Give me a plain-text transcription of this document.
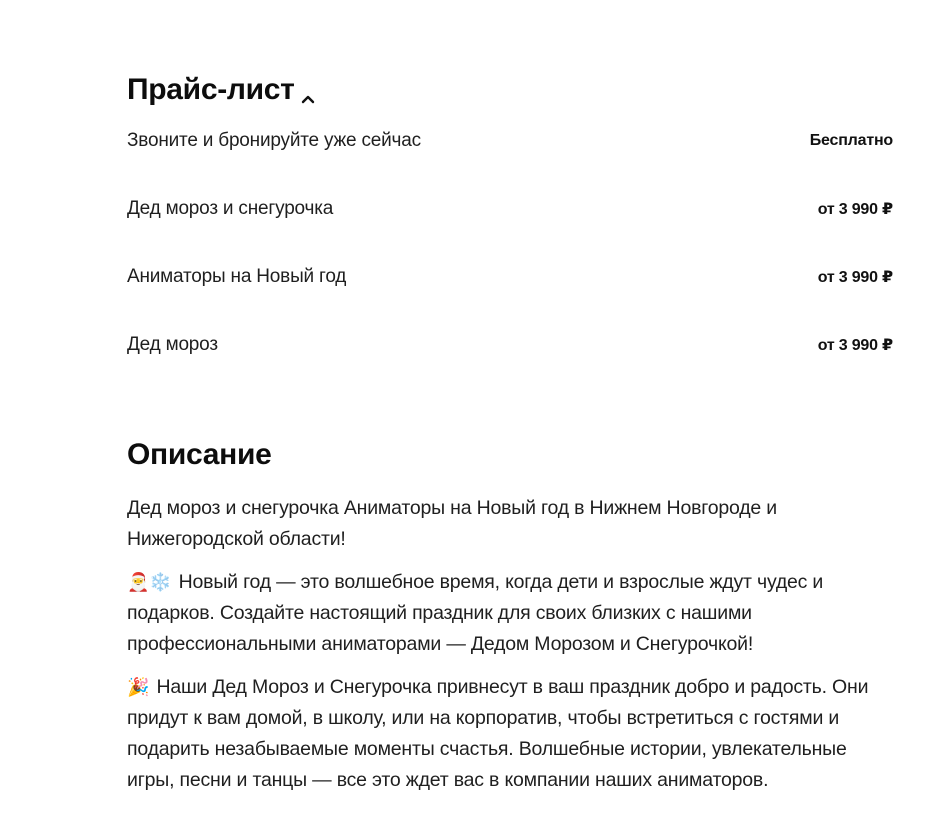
Прайс-лист
Звоните и бронируйте уже сейчас	Бесплатно
Дед мороз и снегурочка	от 3 990 ₽
Аниматоры на Новый год	от 3 990 ₽
Дед мороз	от 3 990 ₽
Описание

Дед мороз и снегурочка Аниматоры на Новый год в Нижнем Новгороде и Нижегородской области!

🎅❄️ Новый год — это волшебное время, когда дети и взрослые ждут чудес и подарков. Создайте настоящий праздник для своих близких с нашими профессиональными аниматорами — Дедом Морозом и Снегурочкой!

🎉 Наши Дед Мороз и Снегурочка привнесут в ваш праздник добро и радость. Они придут к вам домой, в школу, или на корпоратив, чтобы встретиться с гостями и подарить незабываемые моменты счастья. Волшебные истории, увлекательные игры, песни и танцы — все это ждет вас в компании наших аниматоров.
